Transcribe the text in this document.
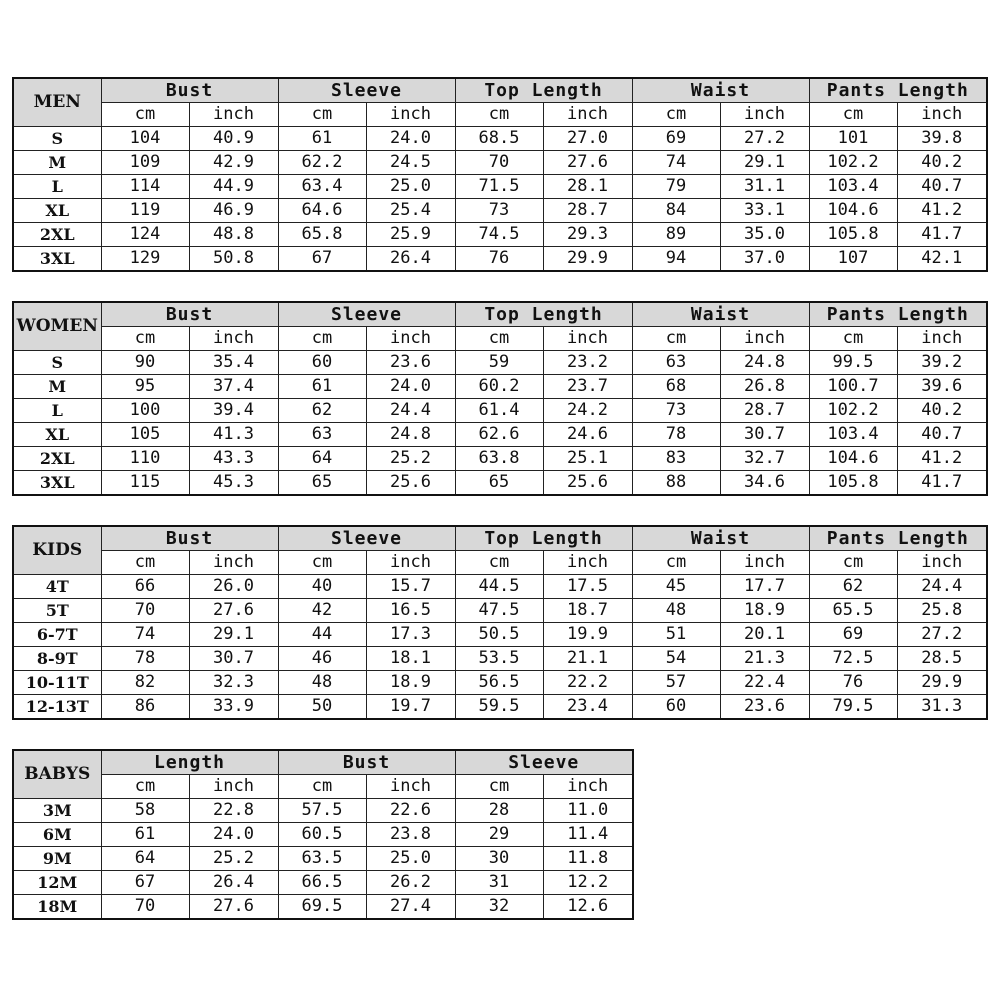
MEN	Bust		Sleeve		Top Length		Waist		Pants Length	
	cm	inch	cm	inch	cm	inch	cm	inch	cm	inch
S	104	40.9	61	24.0	68.5	27.0	69	27.2	101	39.8
M	109	42.9	62.2	24.5	70	27.6	74	29.1	102.2	40.2
L	114	44.9	63.4	25.0	71.5	28.1	79	31.1	103.4	40.7
XL	119	46.9	64.6	25.4	73	28.7	84	33.1	104.6	41.2
2XL	124	48.8	65.8	25.9	74.5	29.3	89	35.0	105.8	41.7
3XL	129	50.8	67	26.4	76	29.9	94	37.0	107	42.1
WOMEN	Bust		Sleeve		Top Length		Waist		Pants Length	
	cm	inch	cm	inch	cm	inch	cm	inch	cm	inch
S	90	35.4	60	23.6	59	23.2	63	24.8	99.5	39.2
M	95	37.4	61	24.0	60.2	23.7	68	26.8	100.7	39.6
L	100	39.4	62	24.4	61.4	24.2	73	28.7	102.2	40.2
XL	105	41.3	63	24.8	62.6	24.6	78	30.7	103.4	40.7
2XL	110	43.3	64	25.2	63.8	25.1	83	32.7	104.6	41.2
3XL	115	45.3	65	25.6	65	25.6	88	34.6	105.8	41.7
KIDS	Bust		Sleeve		Top Length		Waist		Pants Length	
	cm	inch	cm	inch	cm	inch	cm	inch	cm	inch
4T	66	26.0	40	15.7	44.5	17.5	45	17.7	62	24.4
5T	70	27.6	42	16.5	47.5	18.7	48	18.9	65.5	25.8
6-7T	74	29.1	44	17.3	50.5	19.9	51	20.1	69	27.2
8-9T	78	30.7	46	18.1	53.5	21.1	54	21.3	72.5	28.5
10-11T	82	32.3	48	18.9	56.5	22.2	57	22.4	76	29.9
12-13T	86	33.9	50	19.7	59.5	23.4	60	23.6	79.5	31.3
BABYS	Length		Bust		Sleeve	
	cm	inch	cm	inch	cm	inch
3M	58	22.8	57.5	22.6	28	11.0
6M	61	24.0	60.5	23.8	29	11.4
9M	64	25.2	63.5	25.0	30	11.8
12M	67	26.4	66.5	26.2	31	12.2
18M	70	27.6	69.5	27.4	32	12.6
